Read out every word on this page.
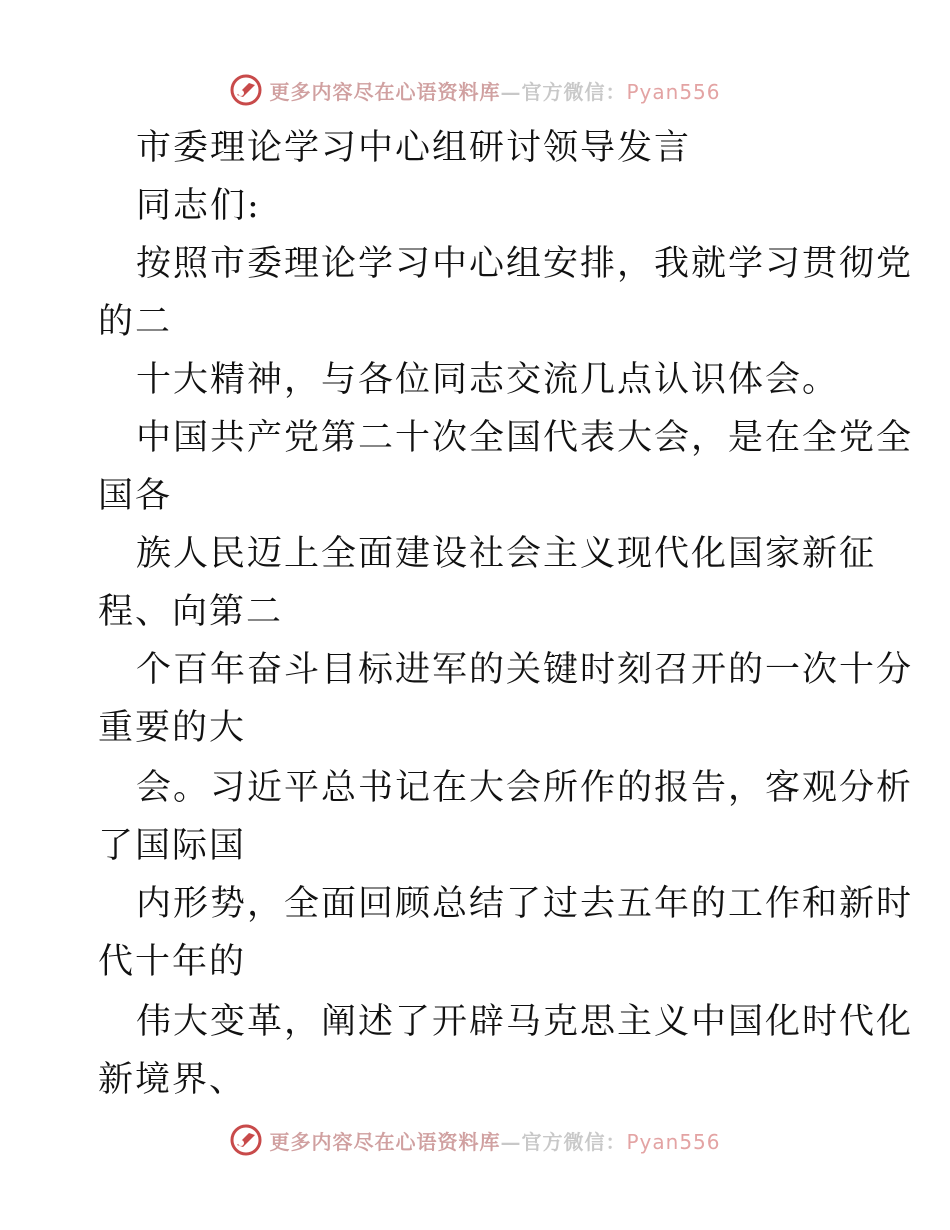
更多内容尽在心语资料库—官方微信：Pyan556
市委理论学习中心组研讨领导发言
同志们:
按照市委理论学习中心组安排，我就学习贯彻党
的二
十大精神，与各位同志交流几点认识体会。
中国共产党第二十次全国代表大会，是在全党全
国各
族人民迈上全面建设社会主义现代化国家新征
程、向第二
个百年奋斗目标进军的关键时刻召开的一次十分
重要的大
会。习近平总书记在大会所作的报告，客观分析
了国际国
内形势，全面回顾总结了过去五年的工作和新时
代十年的
伟大变革，阐述了开辟马克思主义中国化时代化
新境界、
更多内容尽在心语资料库—官方微信：Pyan556
